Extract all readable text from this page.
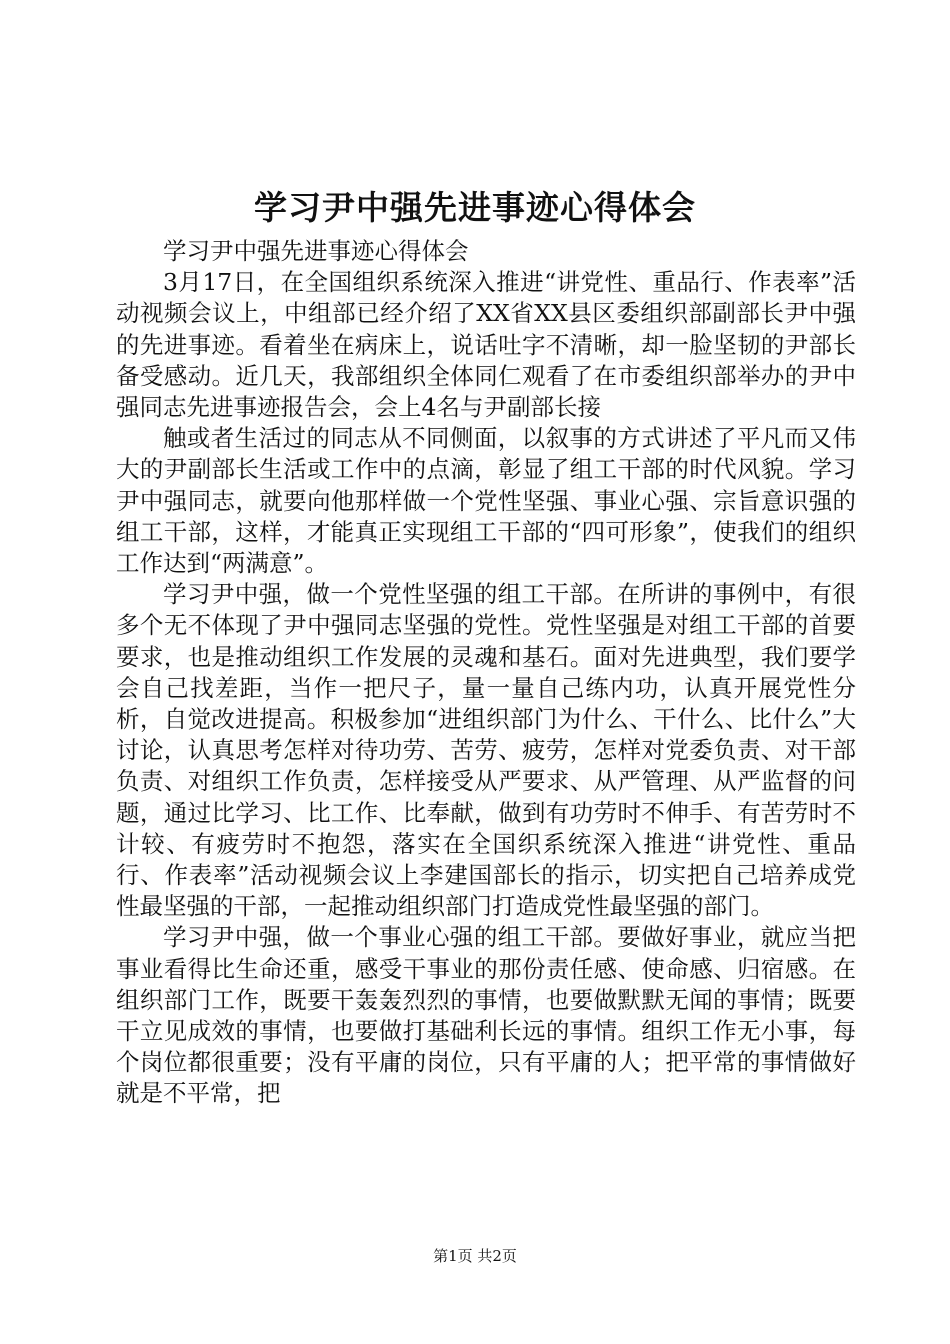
学习尹中强先进事迹心得体会

学习尹中强先进事迹心得体会

3月17日，在全国组织系统深入推进“讲党性、重品行、作表率”活动视频会议上，中组部已经介绍了XX省XX县区委组织部副部长尹中强的先进事迹。看着坐在病床上，说话吐字不清晰，却一脸坚韧的尹部长备受感动。近几天，我部组织全体同仁观看了在市委组织部举办的尹中强同志先进事迹报告会，会上4名与尹副部长接

触或者生活过的同志从不同侧面，以叙事的方式讲述了平凡而又伟大的尹副部长生活或工作中的点滴，彰显了组工干部的时代风貌。学习尹中强同志，就要向他那样做一个党性坚强、事业心强、宗旨意识强的组工干部，这样，才能真正实现组工干部的“四可形象”，使我们的组织工作达到“两满意”。

学习尹中强，做一个党性坚强的组工干部。在所讲的事例中，有很多个无不体现了尹中强同志坚强的党性。党性坚强是对组工干部的首要要求，也是推动组织工作发展的灵魂和基石。面对先进典型，我们要学会自己找差距，当作一把尺子，量一量自己练内功，认真开展党性分析，自觉改进提高。积极参加“进组织部门为什么、干什么、比什么”大讨论，认真思考怎样对待功劳、苦劳、疲劳，怎样对党委负责、对干部负责、对组织工作负责，怎样接受从严要求、从严管理、从严监督的问题，通过比学习、比工作、比奉献，做到有功劳时不伸手、有苦劳时不计较、有疲劳时不抱怨，落实在全国织系统深入推进“讲党性、重品行、作表率”活动视频会议上李建国部长的指示，切实把自己培养成党性最坚强的干部，一起推动组织部门打造成党性最坚强的部门。

学习尹中强，做一个事业心强的组工干部。要做好事业，就应当把事业看得比生命还重，感受干事业的那份责任感、使命感、归宿感。在组织部门工作，既要干轰轰烈烈的事情，也要做默默无闻的事情；既要干立见成效的事情，也要做打基础利长远的事情。组织工作无小事，每个岗位都很重要；没有平庸的岗位，只有平庸的人；把平常的事情做好就是不平常，把

第1页 共2页
